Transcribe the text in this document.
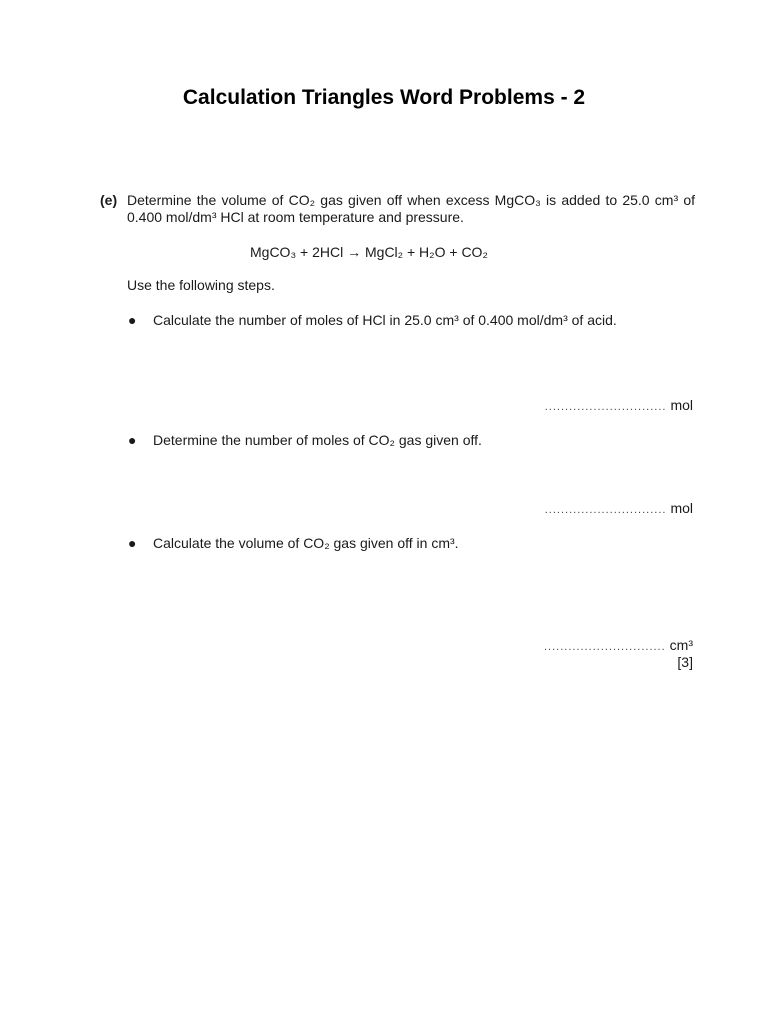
Calculation Triangles Word Problems - 2
(e) Determine the volume of CO₂ gas given off when excess MgCO₃ is added to 25.0 cm³ of
0.400 mol/dm³ HCl at room temperature and pressure.
MgCO₃ + 2HCl → MgCl₂ + H₂O + CO₂
Use the following steps.
● Calculate the number of moles of HCl in 25.0 cm³ of 0.400 mol/dm³ of acid.
.............................. mol
● Determine the number of moles of CO₂ gas given off.
.............................. mol
● Calculate the volume of CO₂ gas given off in cm³.
.............................. cm³
[3]
